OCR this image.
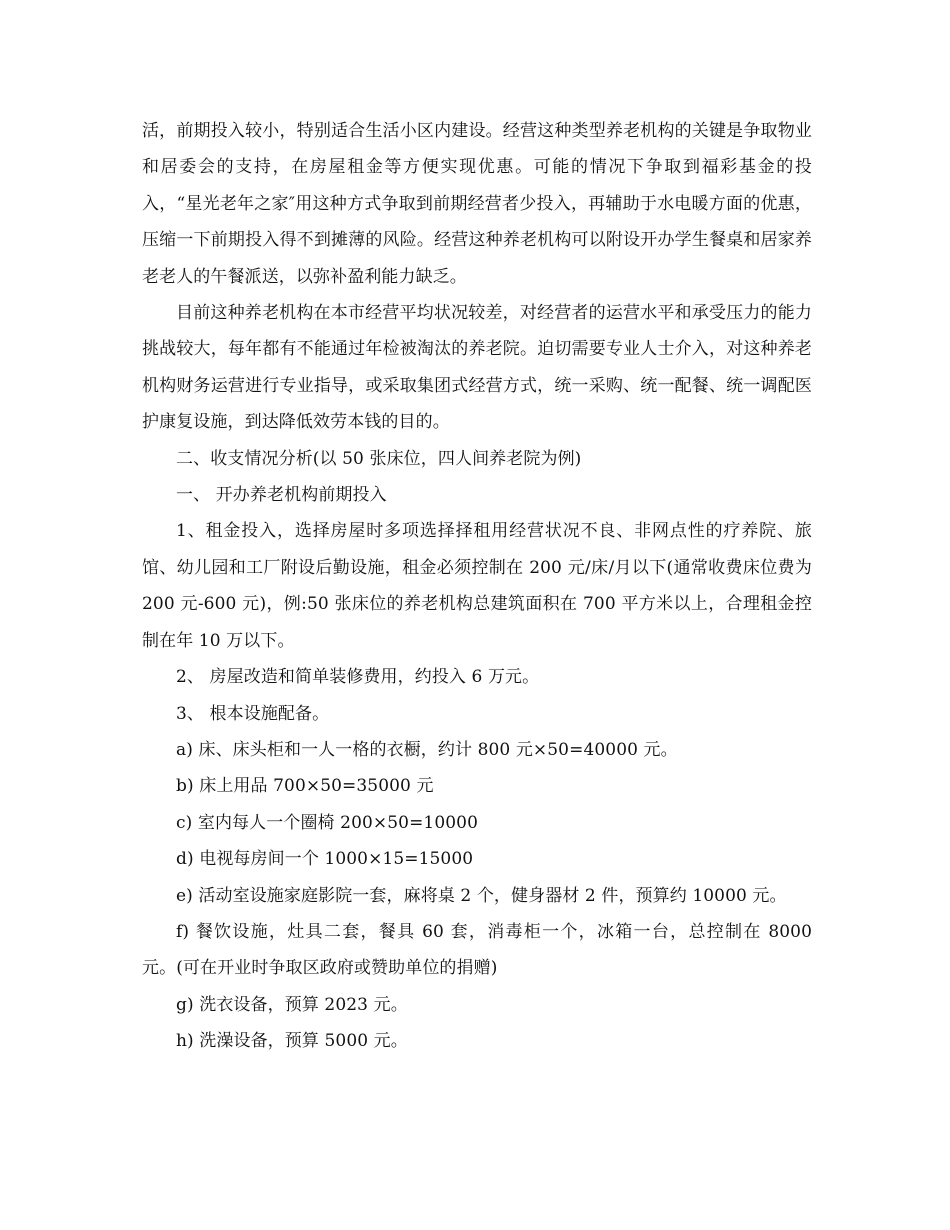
活，前期投入较小，特别适合生活小区内建设。经营这种类型养老机构的关键是争取物业和居委会的支持，在房屋租金等方便实现优惠。可能的情况下争取到福彩基金的投入，“星光老年之家″用这种方式争取到前期经营者少投入，再辅助于水电暖方面的优惠，压缩一下前期投入得不到摊薄的风险。经营这种养老机构可以附设开办学生餐桌和居家养老老人的午餐派送，以弥补盈利能力缺乏。

目前这种养老机构在本市经营平均状况较差，对经营者的运营水平和承受压力的能力挑战较大，每年都有不能通过年检被淘汰的养老院。迫切需要专业人士介入，对这种养老机构财务运营进行专业指导，或采取集团式经营方式，统一采购、统一配餐、统一调配医护康复设施，到达降低效劳本钱的目的。

二、收支情况分析(以 50 张床位，四人间养老院为例)

一、 开办养老机构前期投入

1、租金投入，选择房屋时多项选择择租用经营状况不良、非网点性的疗养院、旅馆、幼儿园和工厂附设后勤设施，租金必须控制在 200 元/床/月以下(通常收费床位费为 200 元-600 元)，例:50 张床位的养老机构总建筑面积在 700 平方米以上，合理租金控制在年 10 万以下。

2、 房屋改造和简单装修费用，约投入 6 万元。

3、 根本设施配备。

a) 床、床头柜和一人一格的衣橱，约计 800 元×50=40000 元。

b) 床上用品 700×50=35000 元

c) 室内每人一个圈椅 200×50=10000

d) 电视每房间一个 1000×15=15000

e) 活动室设施家庭影院一套，麻将桌 2 个，健身器材 2 件，预算约 10000 元。

f) 餐饮设施，灶具二套，餐具 60 套，消毒柜一个，冰箱一台，总控制在 8000 元。(可在开业时争取区政府或赞助单位的捐赠)

g) 洗衣设备，预算 2023 元。

h) 洗澡设备，预算 5000 元。
